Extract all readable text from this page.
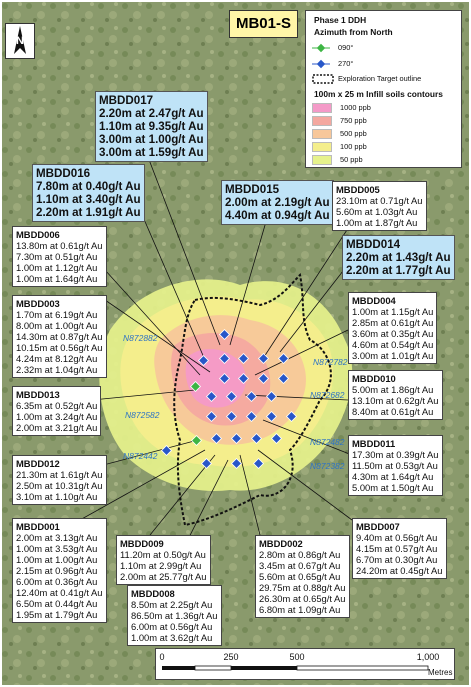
MB01-S
N
Phase 1 DDH
Azimuth from North
090°
270°
Exploration Target outline
100m x 25 m Infill soils contours
1000 ppb
750 ppb
500 ppb
100 ppb
50 ppb
N872882
N872782
N872682
N872582
N872482
N872442
N872382
MBDD017
2.20m at 2.47g/t Au
1.10m at 9.35g/t Au
3.00m at 1.00g/t Au
3.00m at 1.59g/t Au
MBDD016
7.80m at 0.40g/t Au
1.10m at 3.40g/t Au
2.20m at 1.91g/t Au
MBDD015
2.00m at 2.19g/t Au
4.40m at 0.94g/t Au
MBDD014
2.20m at 1.43g/t Au
2.20m at 1.77g/t Au
MBDD005
23.10m at 0.71g/t Au
5.60m at 1.03g/t Au
1.00m at 1.87g/t Au
MBDD006
13.80m at 0.61g/t Au
7.30m at 0.51g/t Au
1.00m at 1.12g/t Au
1.00m at 1.64g/t Au
MBDD003
1.70m at 6.19g/t Au
8.00m at 1.00g/t Au
14.30m at 0.87g/t Au
10.15m at 0.56g/t Au
4.24m at 8.12g/t Au
2.32m at 1.04g/t Au
MBDD004
1.00m at 1.15g/t Au
2.85m at 0.61g/t Au
3.60m at 0.35g/t Au
4.60m at 0.54g/t Au
3.00m at 1.01g/t Au
MBDD010
5.00m at 1.86g/t Au
13.10m at 0.62g/t Au
8.40m at 0.61g/t Au
MBDD013
6.35m at 0.52g/t Au
1.00m at 3.24g/t Au
2.00m at 3.21g/t Au
MBDD011
17.30m at 0.39g/t Au
11.50m at 0.53g/t Au
4.30m at 1.64g/t Au
5.00m at 1.50g/t Au
MBDD012
21.30m at 1.61g/t Au
2.50m at 10.31g/t Au
3.10m at 1.10g/t Au
MBDD007
9.40m at 0.56g/t Au
4.15m at 0.57g/t Au
6.70m at 0.30g/t Au
24.20m at 0.45g/t Au
MBDD001
2.00m at 3.13g/t Au
1.00m at 3.53g/t Au
1.00m at 1.00g/t Au
2.15m at 0.96g/t Au
6.00m at 0.36g/t Au
12.40m at 0.41g/t Au
6.50m at 0.44g/t Au
1.95m at 1.79g/t Au
MBDD009
11.20m at 0.50g/t Au
1.10m at 2.99g/t Au
2.00m at 25.77g/t Au
MBDD002
2.80m at 0.86g/t Au
3.45m at 0.67g/t Au
5.60m at 0.65g/t Au
29.75m at 0.88g/t Au
26.30m at 0.65g/t Au
6.80m at 1.09g/t Au
MBDD008
8.50m at 2.25g/t Au
86.50m at 1.36g/t Au
6.00m at 0.56g/t Au
1.00m at 3.62g/t Au
0	250	500	1,000
Metres
